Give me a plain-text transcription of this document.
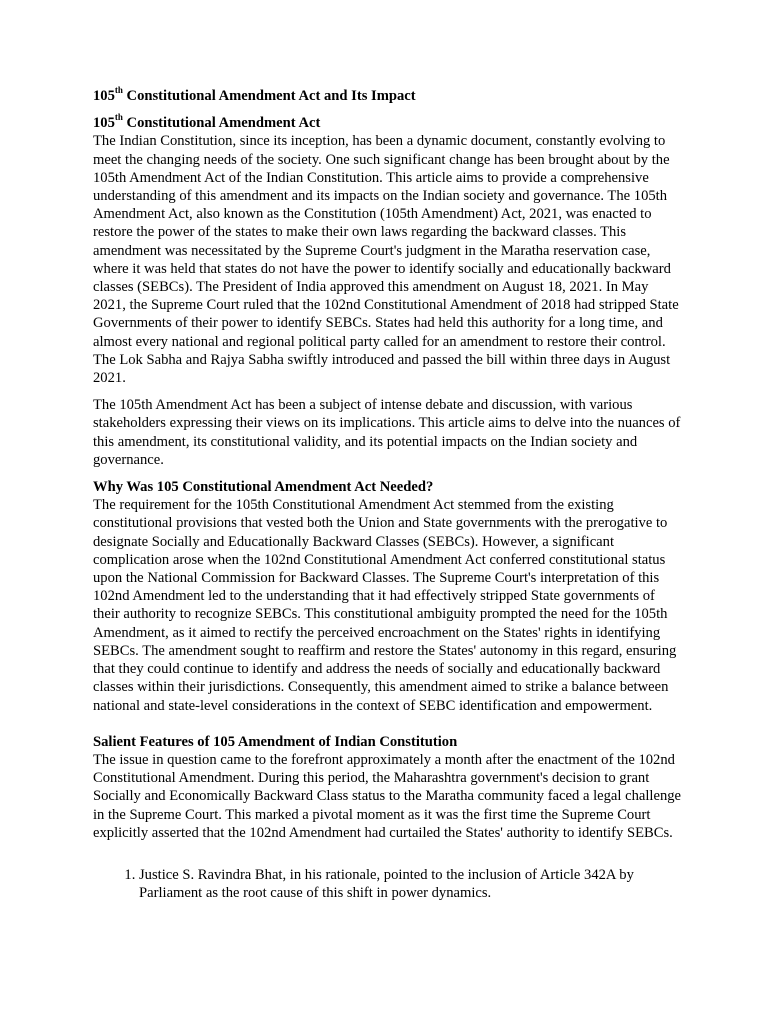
105th Constitutional Amendment Act and Its Impact
105th Constitutional Amendment Act

The Indian Constitution, since its inception, has been a dynamic document, constantly evolving to meet the changing needs of the society. One such significant change has been brought about by the 105th Amendment Act of the Indian Constitution. This article aims to provide a comprehensive understanding of this amendment and its impacts on the Indian society and governance. The 105th Amendment Act, also known as the Constitution (105th Amendment) Act, 2021, was enacted to restore the power of the states to make their own laws regarding the backward classes. This amendment was necessitated by the Supreme Court's judgment in the Maratha reservation case, where it was held that states do not have the power to identify socially and educationally backward classes (SEBCs). The President of India approved this amendment on August 18, 2021. In May 2021, the Supreme Court ruled that the 102nd Constitutional Amendment of 2018 had stripped State Governments of their power to identify SEBCs. States had held this authority for a long time, and almost every national and regional political party called for an amendment to restore their control. The Lok Sabha and Rajya Sabha swiftly introduced and passed the bill within three days in August 2021.

The 105th Amendment Act has been a subject of intense debate and discussion, with various stakeholders expressing their views on its implications. This article aims to delve into the nuances of this amendment, its constitutional validity, and its potential impacts on the Indian society and governance.

Why Was 105 Constitutional Amendment Act Needed?

The requirement for the 105th Constitutional Amendment Act stemmed from the existing constitutional provisions that vested both the Union and State governments with the prerogative to designate Socially and Educationally Backward Classes (SEBCs). However, a significant complication arose when the 102nd Constitutional Amendment Act conferred constitutional status upon the National Commission for Backward Classes. The Supreme Court's interpretation of this 102nd Amendment led to the understanding that it had effectively stripped State governments of their authority to recognize SEBCs. This constitutional ambiguity prompted the need for the 105th Amendment, as it aimed to rectify the perceived encroachment on the States' rights in identifying SEBCs. The amendment sought to reaffirm and restore the States' autonomy in this regard, ensuring that they could continue to identify and address the needs of socially and educationally backward classes within their jurisdictions. Consequently, this amendment aimed to strike a balance between national and state-level considerations in the context of SEBC identification and empowerment.

Salient Features of 105 Amendment of Indian Constitution

The issue in question came to the forefront approximately a month after the enactment of the 102nd Constitutional Amendment. During this period, the Maharashtra government's decision to grant Socially and Economically Backward Class status to the Maratha community faced a legal challenge in the Supreme Court. This marked a pivotal moment as it was the first time the Supreme Court explicitly asserted that the 102nd Amendment had curtailed the States' authority to identify SEBCs.

1. Justice S. Ravindra Bhat, in his rationale, pointed to the inclusion of Article 342A by Parliament as the root cause of this shift in power dynamics.
